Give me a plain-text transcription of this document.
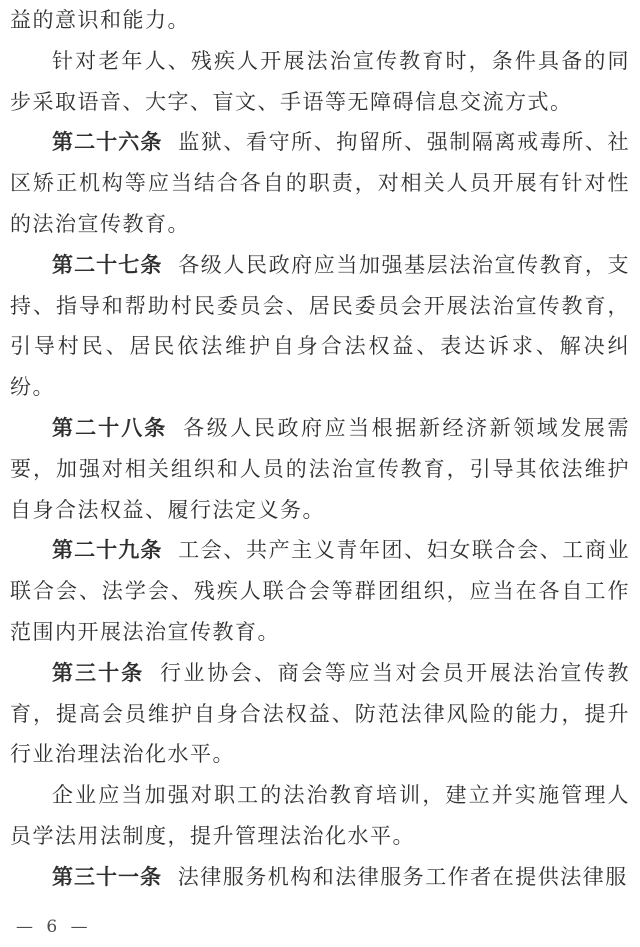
益的意识和能力。

针对老年人、残疾人开展法治宣传教育时，条件具备的同步采取语音、大字、盲文、手语等无障碍信息交流方式。

第二十六条 监狱、看守所、拘留所、强制隔离戒毒所、社区矫正机构等应当结合各自的职责，对相关人员开展有针对性的法治宣传教育。

第二十七条 各级人民政府应当加强基层法治宣传教育，支持、指导和帮助村民委员会、居民委员会开展法治宣传教育，引导村民、居民依法维护自身合法权益、表达诉求、解决纠纷。

第二十八条 各级人民政府应当根据新经济新领域发展需要，加强对相关组织和人员的法治宣传教育，引导其依法维护自身合法权益、履行法定义务。

第二十九条 工会、共产主义青年团、妇女联合会、工商业联合会、法学会、残疾人联合会等群团组织，应当在各自工作范围内开展法治宣传教育。

第三十条 行业协会、商会等应当对会员开展法治宣传教育，提高会员维护自身合法权益、防范法律风险的能力，提升行业治理法治化水平。

企业应当加强对职工的法治教育培训，建立并实施管理人员学法用法制度，提升管理法治化水平。

第三十一条 法律服务机构和法律服务工作者在提供法律服

— 6 —
